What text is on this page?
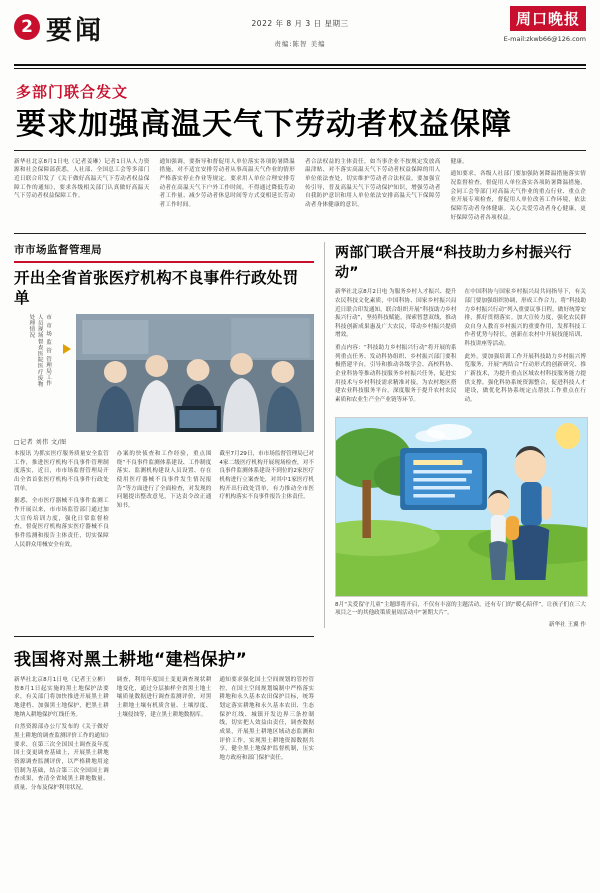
2 要闻	2022 年 8 月 3 日 星期三
责编:陈智 美编
周口晚报
E-mail:zkwb66@126.com
多部门联合发文
要求加强高温天气下劳动者权益保障

新华社北京8月1日电（记者姜琳）记者1日从人力资源和社会保障部获悉，人社部、全国总工会等多部门近日联合印发了《关于做好高温天气下劳动者权益保障工作的通知》，要求各级相关部门认真做好高温天气下劳动者权益保障工作。

通知强调，要指导和督促用人单位落实各项防暑降温措施，对不适宜安排劳动者从事高温天气作业的情形严格落实停止作业等规定。要求用人单位合理安排劳动者在高温天气下户外工作时间，不得通过降低劳动者工作量、减少劳动者休息时间等方式变相延长劳动者工作时间。

者合法权益的主体责任，如当事企业不按规定发放高温津贴、对不落实高温天气下劳动者权益保障的用人单位依法查处，切实维护劳动者合法权益。要加强宣传引导，普及高温天气下劳动保护知识，增强劳动者自我防护意识和用人单位依法安排高温天气下保障劳动者身体健康的意识。

健康。

通知要求，各级人社部门要加强防暑降温措施落实情况监督检查，督促用人单位落实各项防暑降温措施，会同工会等部门对高温天气作业的重点行业、重点企业开展专项检查，督促用人单位改善工作环境，依法保障劳动者身体健康。关心关爱劳动者身心健康，更好保障劳动者各项权益。

市市场监督管理局
开出全省首张医疗机构不良事件行政处罚单
市 市 场 监 管 管理局工作人员现场督查医院医疗废物处理情况
□记者 刘伟 文/图

本报讯 为抓实医疗服务质量安全监管工作，推进医疗机构不良事件管理制度落实，近日，市市场监督管理局开出全省首张医疗机构不良事件行政处罚单。

据悉，全市医疗器械不良事件监测工作开展以来，市市场监管部门通过加大宣传培训力度，强化日常监督检查，督促医疗机构落实医疗器械不良事件监测和报告主体责任，切实保障人民群众用械安全有效。

办案的快侦查和工作经验，重点围绕“不良事件监测体系建设、工作制度落实、监测机构建设人员设置、存在使用医疗器械不良事件发生情况报告”等方面进行了全面检查，对发现的问题提出整改意见，下达责令改正通知书。

截至7月29日，市市场监督管理局已对4家二级医疗机构开展现场检查，对不良事件监测体系建设不到位的2家医疗机构进行立案查处，对其中1家医疗机构开出行政处罚单，有力推动全市医疗机构落实不良事件报告主体责任。

两部门联合开展“科技助力乡村振兴行动”

新华社北京8月2日电 为服务乡村人才振兴、提升农民科技文化素质，中国科协、国家乡村振兴局近日联合印发通知，联合组织开展“科技助力乡村振兴行动”，坚持科技赋能，探索智慧双线，推动科技创新成果惠及广大农民，带动乡村振兴提质增效。

重点内容：“科技助力乡村振兴行动”将开展的系列重点任务、发动科协组织、乡村振兴部门要积极搭建平台，引导和推动各级学会、高校科协、企业科协等推动科技服务乡村振兴任务，促进实用技术与乡村科技需求精准对接，为农村地区搭建农业科技服务平台，深度服务于提升农村农民素质和农业生产全产业链等环节。

在中国科协与国家乡村振兴局共同指导下，有关部门要加强组织协调，形成工作合力，将“科技助力乡村振兴行动”列入重要议事日程，做好统筹安排，抓好贯彻落实。加大宣传力度，强化农民群众自身人教育乡村振兴的重要作用，发挥科技工作者优势与特长，创新在农村中开展技能培训、科技讲座等活动。

此外，要加强培训工作开展科技助力乡村振兴博览服务，开展“两结合”行动形式的创新研究、推广新技术，为提升重点区域农村科技服务能力提供支撑。强化科协系统资源整合，促进科技人才建设，做优化科协系统定点帮扶工作重点在行动。

8月“关爱留守儿童”主题即将开启，不仅有丰富的主题活动，还有专门的“暖心陪伴”，让孩子们在三大项目之一的其他政策质量周活动中“暑期大片”。
新华社 王翼 作
我国将对黑土耕地“建档保护”

新华社北京8月1日电（记者王立彬）按8月1日起实施的黑土地保护法要求，有关部门将加快推进开展黑土耕地建档、加强黑土地保护，把黑土耕地纳入耕地保护红线任务。

自然资源部办公厅发布的《关于做好黑土耕地的调查监测评价工作的通知》要求，在第三次全国国土调查及年度国土变更调查基础上，开展黑土耕地资源调查监测评价，以严格耕地用途管制为基础，结合第三次全国国土调查成果，查清全省域黑土耕地数量、质量、分布及保护利用状况。

调查，利用年度国土变更调查现状耕地变化，通过分层抽样全省黑土地土壤质量数据进行调查监测评价，对黑土耕地土壤有机质含量、土壤厚度、土壤侵蚀等，建立黑土耕地数据库。

通知要求强化国土空间规划的管控管控，在国土空间规划编制中严格落实耕地和永久基本农田保护目标，统筹划定落实耕地和永久基本农田、生态保护红线、城镇开发边界三条控制线，切实把人效益由责任，调查数据成果，开展黑土耕地区域动态监测和评价工作，实现黑土耕地资源数据共享，健全黑土地保护监督机制，压实地方政府和部门保护责任。
